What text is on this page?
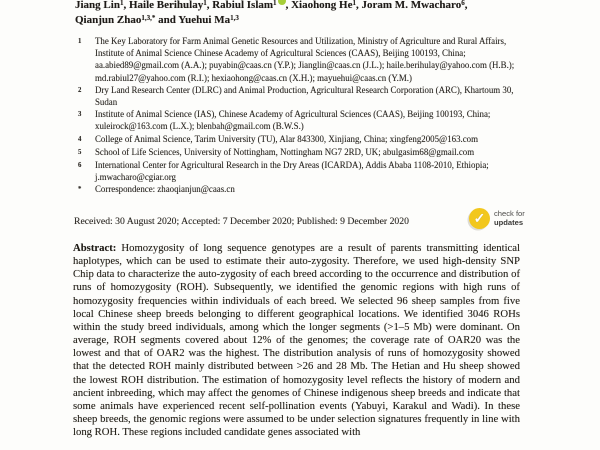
Jiang Lin$^1$, Haile Berihulay$^1$, Rabiul Islam$^1$ , Xiaohong He$^1$, Joram M. Mwacharo$^6$,
Qianjun Zhao$^{1,3,*}$ and Yuehui Ma$^{1,3}$
1	The Key Laboratory for Farm Animal Genetic Resources and Utilization, Ministry of Agriculture and Rural Affairs, Institute of Animal Science Chinese Academy of Agricultural Sciences (CAAS), Beijing 100193, China; aa.abied89@gmail.com (A.A.); puyabin@caas.cn (Y.P.); Jianglin@caas.cn (J.L.); haile.berihulay@yahoo.com (H.B.); md.rabiul27@yahoo.com (R.I.); hexiaohong@caas.cn (X.H.); mayuehui@caas.cn (Y.M.)
2	Dry Land Research Center (DLRC) and Animal Production, Agricultural Research Corporation (ARC), Khartoum 30, Sudan
3	Institute of Animal Science (IAS), Chinese Academy of Agricultural Sciences (CAAS), Beijing 100193, China; xuleirock@163.com (L.X.); blenbah@gmail.com (B.W.S.)
4	College of Animal Science, Tarim University (TU), Alar 843300, Xinjiang, China; xingfeng2005@163.com
5	School of Life Sciences, University of Nottingham, Nottingham NG7 2RD, UK; abulgasim68@gmail.com
6	International Center for Agricultural Research in the Dry Areas (ICARDA), Addis Ababa 1108-2010, Ethiopia; j.mwacharo@cgiar.org
*	Correspondence: zhaoqianjun@caas.cn
Received: 30 August 2020; Accepted: 7 December 2020; Published: 9 December 2020	✓	check for
updates
Abstract: Homozygosity of long sequence genotypes are a result of parents transmitting identical haplotypes, which can be used to estimate their auto-zygosity. Therefore, we used high-density SNP Chip data to characterize the auto-zygosity of each breed according to the occurrence and distribution of runs of homozygosity (ROH). Subsequently, we identified the genomic regions with high runs of homozygosity frequencies within individuals of each breed. We selected 96 sheep samples from five local Chinese sheep breeds belonging to different geographical locations. We identified 3046 ROHs within the study breed individuals, among which the longer segments (>1–5 Mb) were dominant. On average, ROH segments covered about 12% of the genomes; the coverage rate of OAR20 was the lowest and that of OAR2 was the highest. The distribution analysis of runs of homozygosity showed that the detected ROH mainly distributed between >26 and 28 Mb. The Hetian and Hu sheep showed the lowest ROH distribution. The estimation of homozygosity level reflects the history of modern and ancient inbreeding, which may affect the genomes of Chinese indigenous sheep breeds and indicate that some animals have experienced recent self-pollination events (Yabuyi, Karakul and Wadi). In these sheep breeds, the genomic regions were assumed to be under selection signatures frequently in line with long ROH. These regions included candidate genes associated with
